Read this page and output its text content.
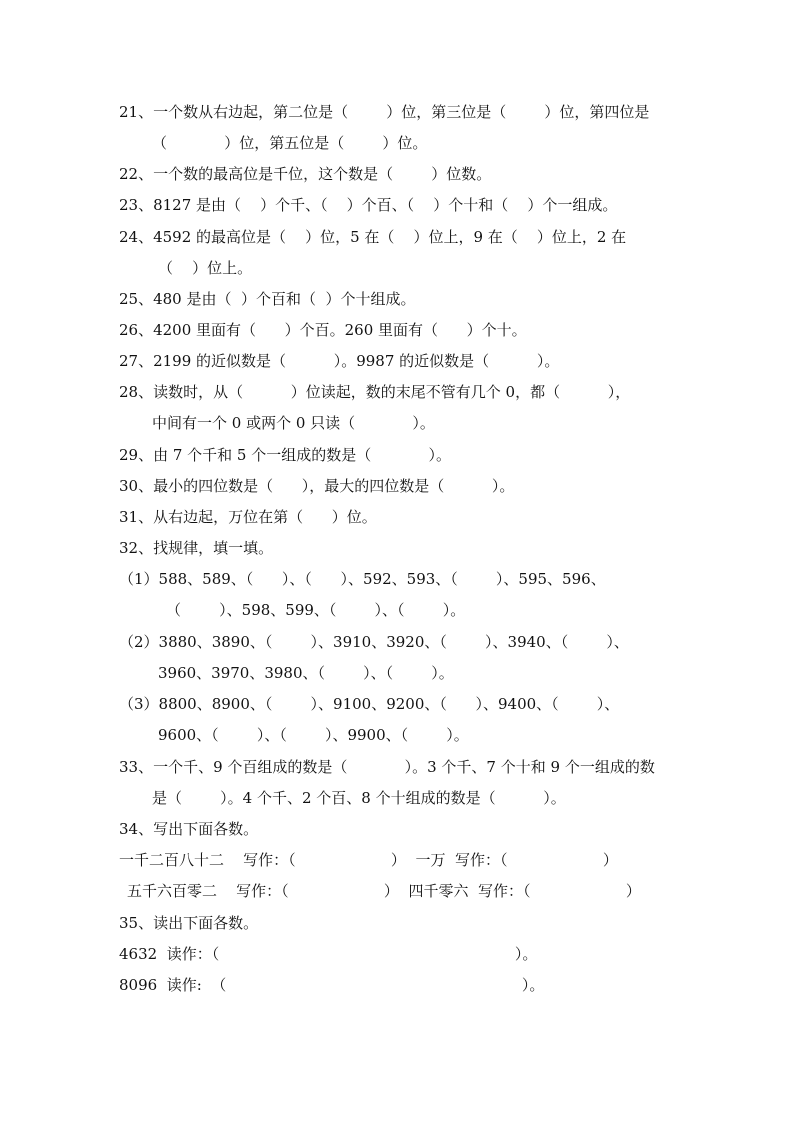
21、一个数从右边起，第二位是（        ）位，第三位是（        ）位，第四位是
（            ）位，第五位是（        ）位。
22、一个数的最高位是千位，这个数是（        ）位数。
23、8127 是由（    ）个千、（    ）个百、（    ）个十和（    ）个一组成。
24、4592 的最高位是（    ）位，5 在（    ）位上，9 在（    ）位上，2 在
（    ）位上。
25、480 是由（  ）个百和（  ）个十组成。
26、4200 里面有（      ）个百。260 里面有（      ）个十。
27、2199 的近似数是（          ）。9987 的近似数是（          ）。
28、读数时，从（          ）位读起，数的末尾不管有几个 0，都（          ），
中间有一个 0 或两个 0 只读（            ）。
29、由 7 个千和 5 个一组成的数是（            ）。
30、最小的四位数是（      ），最大的四位数是（          ）。
31、从右边起，万位在第（      ）位。
32、找规律，填一填。
（1）588、589、（      ）、（      ）、592、593、（        ）、595、596、
（        ）、598、599、（        ）、（        ）。
（2）3880、3890、（        ）、3910、3920、（        ）、3940、（        ）、
3960、3970、3980、（        ）、（        ）。
（3）8800、8900、（        ）、9100、9200、（      ）、9400、（        ）、
9600、（        ）、（        ）、9900、（        ）。
33、一个千、9 个百组成的数是（            ）。3 个千、7 个十和 9 个一组成的数
是（        ）。4 个千、2 个百、8 个十组成的数是（          ）。
34、写出下面各数。
一千二百八十二    写作：（                    ）  一万  写作：（                    ）
五千六百零二    写作：（                    ）  四千零六  写作：（                    ）
35、读出下面各数。
4632  读作：（                                                              ）。
8096  读作:  （                                                              ）。
